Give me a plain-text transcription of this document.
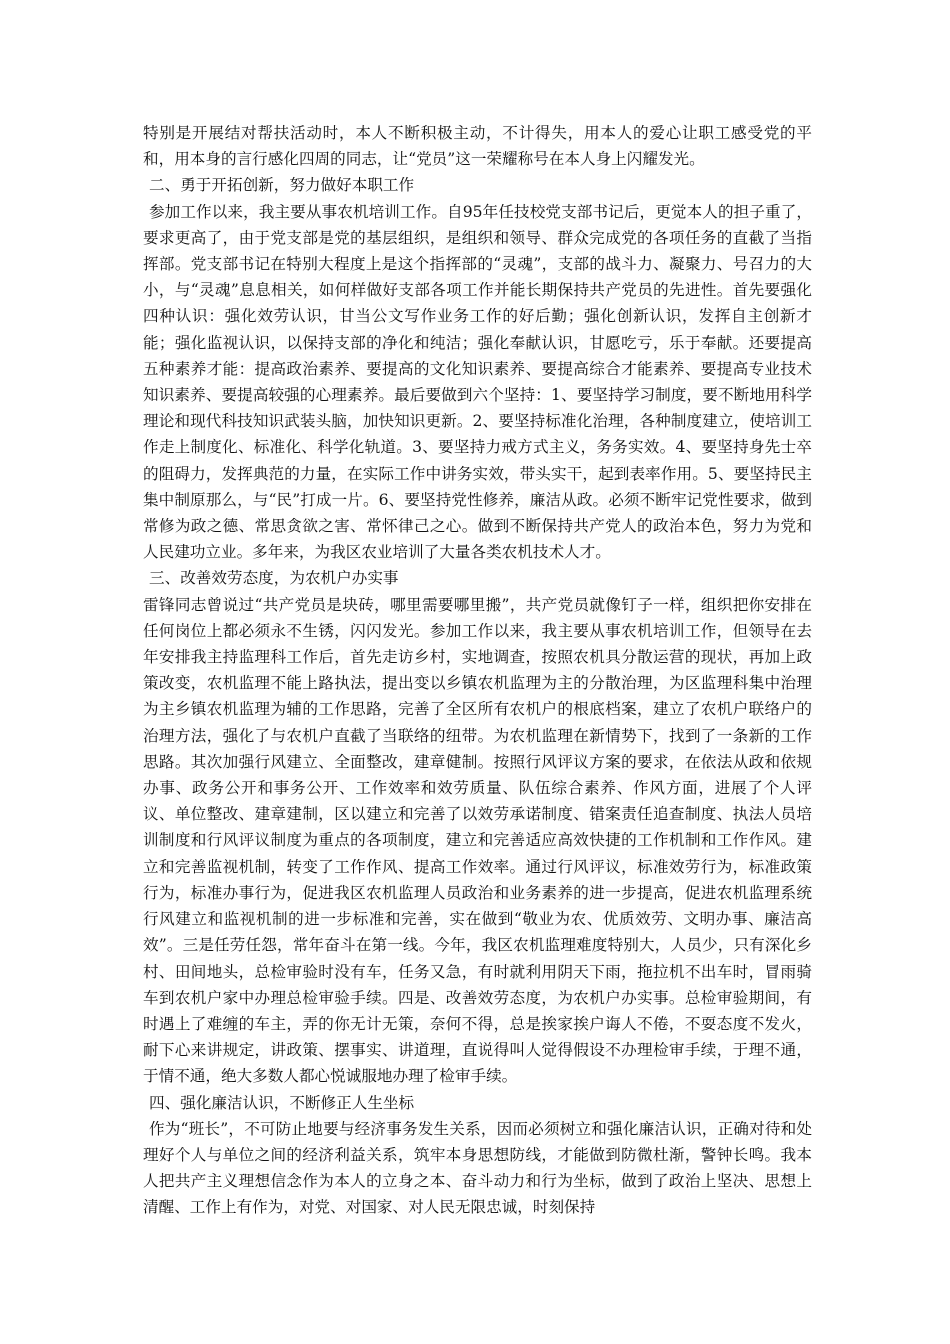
特别是开展结对帮扶活动时，本人不断积极主动，不计得失，用本人的爱心让职工感受党的平和，用本身的言行感化四周的同志，让“党员”这一荣耀称号在本人身上闪耀发光。

二、勇于开拓创新，努力做好本职工作

参加工作以来，我主要从事农机培训工作。自95年任技校党支部书记后，更觉本人的担子重了，要求更高了，由于党支部是党的基层组织，是组织和领导、群众完成党的各项任务的直截了当指挥部。党支部书记在特别大程度上是这个指挥部的“灵魂”，支部的战斗力、凝聚力、号召力的大小，与“灵魂”息息相关，如何样做好支部各项工作并能长期保持共产党员的先进性。首先要强化四种认识：强化效劳认识，甘当公文写作业务工作的好后勤；强化创新认识，发挥自主创新才能；强化监视认识，以保持支部的净化和纯洁；强化奉献认识，甘愿吃亏，乐于奉献。还要提高五种素养才能：提高政治素养、要提高的文化知识素养、要提高综合才能素养、要提高专业技术知识素养、要提高较强的心理素养。最后要做到六个坚持：1、要坚持学习制度，要不断地用科学理论和现代科技知识武装头脑，加快知识更新。2、要坚持标准化治理，各种制度建立，使培训工作走上制度化、标准化、科学化轨道。3、要坚持力戒方式主义，务务实效。4、要坚持身先士卒的阻碍力，发挥典范的力量，在实际工作中讲务实效，带头实干，起到表率作用。5、要坚持民主集中制原那么，与“民”打成一片。6、要坚持党性修养，廉洁从政。必须不断牢记党性要求，做到常修为政之德、常思贪欲之害、常怀律己之心。做到不断保持共产党人的政治本色，努力为党和人民建功立业。多年来，为我区农业培训了大量各类农机技术人才。

三、改善效劳态度，为农机户办实事

雷锋同志曾说过“共产党员是块砖，哪里需要哪里搬”，共产党员就像钉子一样，组织把你安排在任何岗位上都必须永不生锈，闪闪发光。参加工作以来，我主要从事农机培训工作，但领导在去年安排我主持监理科工作后，首先走访乡村，实地调查，按照农机具分散运营的现状，再加上政策改变，农机监理不能上路执法，提出变以乡镇农机监理为主的分散治理，为区监理科集中治理为主乡镇农机监理为辅的工作思路，完善了全区所有农机户的根底档案，建立了农机户联络户的治理方法，强化了与农机户直截了当联络的纽带。为农机监理在新情势下，找到了一条新的工作思路。其次加强行风建立、全面整改，建章健制。按照行风评议方案的要求，在依法从政和依规办事、政务公开和事务公开、工作效率和效劳质量、队伍综合素养、作风方面，进展了个人评议、单位整改、建章建制，区以建立和完善了以效劳承诺制度、错案责任追查制度、执法人员培训制度和行风评议制度为重点的各项制度，建立和完善适应高效快捷的工作机制和工作作风。建立和完善监视机制，转变了工作作风、提高工作效率。通过行风评议，标准效劳行为，标准政策行为，标准办事行为，促进我区农机监理人员政治和业务素养的进一步提高，促进农机监理系统行风建立和监视机制的进一步标准和完善，实在做到“敬业为农、优质效劳、文明办事、廉洁高效”。三是任劳任怨，常年奋斗在第一线。今年，我区农机监理难度特别大，人员少，只有深化乡村、田间地头，总检审验时没有车，任务又急，有时就利用阴天下雨，拖拉机不出车时，冒雨骑车到农机户家中办理总检审验手续。四是、改善效劳态度，为农机户办实事。总检审验期间，有时遇上了难缠的车主，弄的你无计无策，奈何不得，总是挨家挨户诲人不倦，不耍态度不发火，耐下心来讲规定，讲政策、摆事实、讲道理，直说得叫人觉得假设不办理检审手续，于理不通，于情不通，绝大多数人都心悦诚服地办理了检审手续。

四、强化廉洁认识，不断修正人生坐标

作为“班长”，不可防止地要与经济事务发生关系，因而必须树立和强化廉洁认识，正确对待和处理好个人与单位之间的经济利益关系，筑牢本身思想防线，才能做到防微杜渐，警钟长鸣。我本人把共产主义理想信念作为本人的立身之本、奋斗动力和行为坐标，做到了政治上坚决、思想上清醒、工作上有作为，对党、对国家、对人民无限忠诚，时刻保持
